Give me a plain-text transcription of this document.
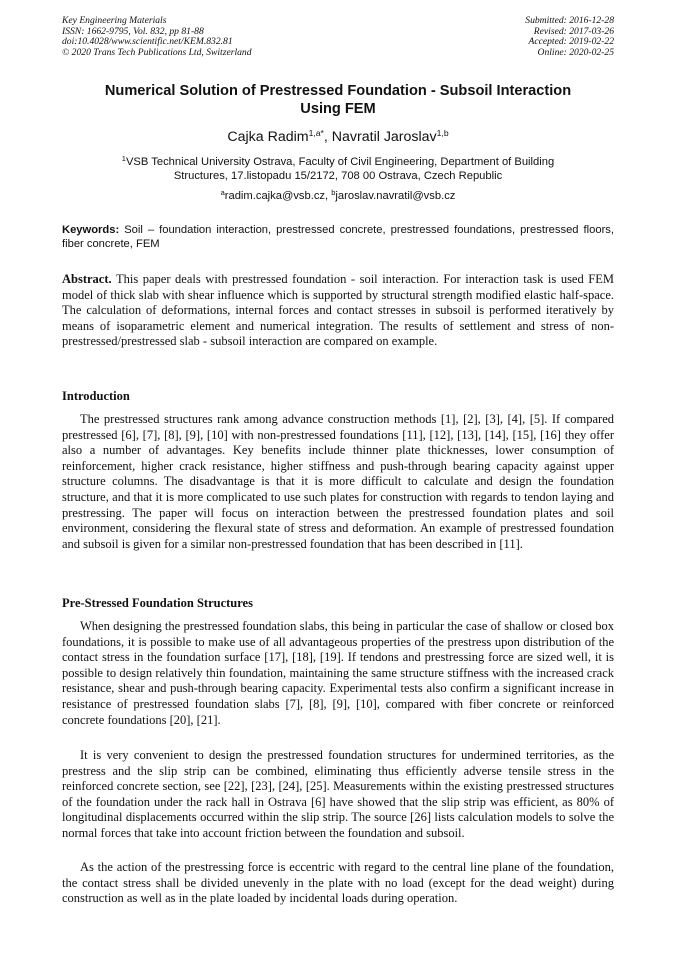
Key Engineering Materials
ISSN: 1662-9795, Vol. 832, pp 81-88
doi:10.4028/www.scientific.net/KEM.832.81
© 2020 Trans Tech Publications Ltd, Switzerland
Submitted: 2016-12-28
Revised: 2017-03-26
Accepted: 2019-02-22
Online: 2020-02-25
Numerical Solution of Prestressed Foundation - Subsoil Interaction
Using FEM
Cajka Radim$^{1,a*}$, Navratil Jaroslav$^{1,b}$
$^1$VSB Technical University Ostrava, Faculty of Civil Engineering, Department of Building
Structures, 17.listopadu 15/2172, 708 00 Ostrava, Czech Republic
$^a$radim.cajka@vsb.cz, $^b$jaroslav.navratil@vsb.cz
Keywords: Soil – foundation interaction, prestressed concrete, prestressed foundations, prestressed floors, fiber concrete, FEM
Abstract. This paper deals with prestressed foundation - soil interaction. For interaction task is used FEM model of thick slab with shear influence which is supported by structural strength modified elastic half-space. The calculation of deformations, internal forces and contact stresses in subsoil is performed iteratively by means of isoparametric element and numerical integration. The results of settlement and stress of non-prestressed/prestressed slab - subsoil interaction are compared on example.
Introduction

The prestressed structures rank among advance construction methods [1], [2], [3], [4], [5]. If compared prestressed [6], [7], [8], [9], [10] with non-prestressed foundations [11], [12], [13], [14], [15], [16] they offer also a number of advantages. Key benefits include thinner plate thicknesses, lower consumption of reinforcement, higher crack resistance, higher stiffness and push-through bearing capacity against upper structure columns. The disadvantage is that it is more difficult to calculate and design the foundation structure, and that it is more complicated to use such plates for construction with regards to tendon laying and prestressing. The paper will focus on interaction between the prestressed foundation plates and soil environment, considering the flexural state of stress and deformation. An example of prestressed foundation and subsoil is given for a similar non-prestressed foundation that has been described in [11].

Pre-Stressed Foundation Structures

When designing the prestressed foundation slabs, this being in particular the case of shallow or closed box foundations, it is possible to make use of all advantageous properties of the prestress upon distribution of the contact stress in the foundation surface [17], [18], [19]. If tendons and prestressing force are sized well, it is possible to design relatively thin foundation, maintaining the same structure stiffness with the increased crack resistance, shear and push-through bearing capacity. Experimental tests also confirm a significant increase in resistance of prestressed foundation slabs [7], [8], [9], [10], compared with fiber concrete or reinforced concrete foundations [20], [21].

It is very convenient to design the prestressed foundation structures for undermined territories, as the prestress and the slip strip can be combined, eliminating thus efficiently adverse tensile stress in the reinforced concrete section, see [22], [23], [24], [25]. Measurements within the existing prestressed structures of the foundation under the rack hall in Ostrava [6] have showed that the slip strip was efficient, as 80% of longitudinal displacements occurred within the slip strip. The source [26] lists calculation models to solve the normal forces that take into account friction between the foundation and subsoil.

As the action of the prestressing force is eccentric with regard to the central line plane of the foundation, the contact stress shall be divided unevenly in the plate with no load (except for the dead weight) during construction as well as in the plate loaded by incidental loads during operation.
